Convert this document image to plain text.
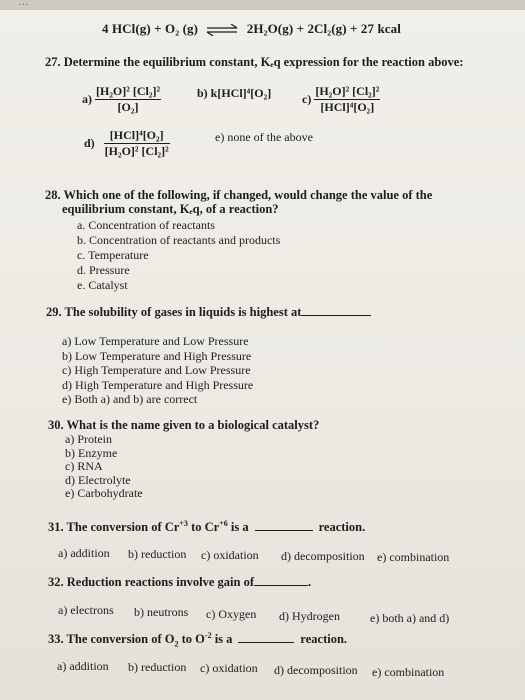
…
4 HCl(g) + O₂ (g) ⇌ 2H₂O(g) + 2Cl₂(g) + 27 kcal
27. Determine the equilibrium constant, Kₑq expression for the reaction above:
$a) \frac{\text{[H₂O]² [Cl₂]²}}{\text{[O₂]}}$	b) k[HCl]⁴[O₂]	$c) \frac{\text{[H₂O]² [Cl₂]²}}{\text{[HCl]⁴[O₂]}}$
$d) \frac{\text{[HCl]⁴[O₂]}}{\text{[H₂O]² [Cl₂]²}}$	e) none of the above
28. Which one of the following, if changed, would change the value of the
equilibrium constant, Kₑq, of a reaction?
a. Concentration of reactants
b. Concentration of reactants and products
c. Temperature
d. Pressure
e. Catalyst
29. The solubility of gases in liquids is highest at
a) Low Temperature and Low Pressure
b) Low Temperature and High Pressure
c) High Temperature and Low Pressure
d) High Temperature and High Pressure
e) Both a) and b) are correct
30. What is the name given to a biological catalyst?
a) Protein
b) Enzyme
c) RNA
d) Electrolyte
e) Carbohydrate
31. The conversion of $Cr^{+3}$ to $Cr^{+6}$ is a	reaction.
a) addition b) reduction c) oxidation d) decomposition e) combination
32. Reduction reactions involve gain of	.
a) electrons b) neutrons c) Oxygen d) Hydrogen	e) both a) and d)
33. The conversion of $O_2$ to $O^{-2}$ is a	reaction.
a) addition b) reduction c) oxidation d) decomposition e) combination
